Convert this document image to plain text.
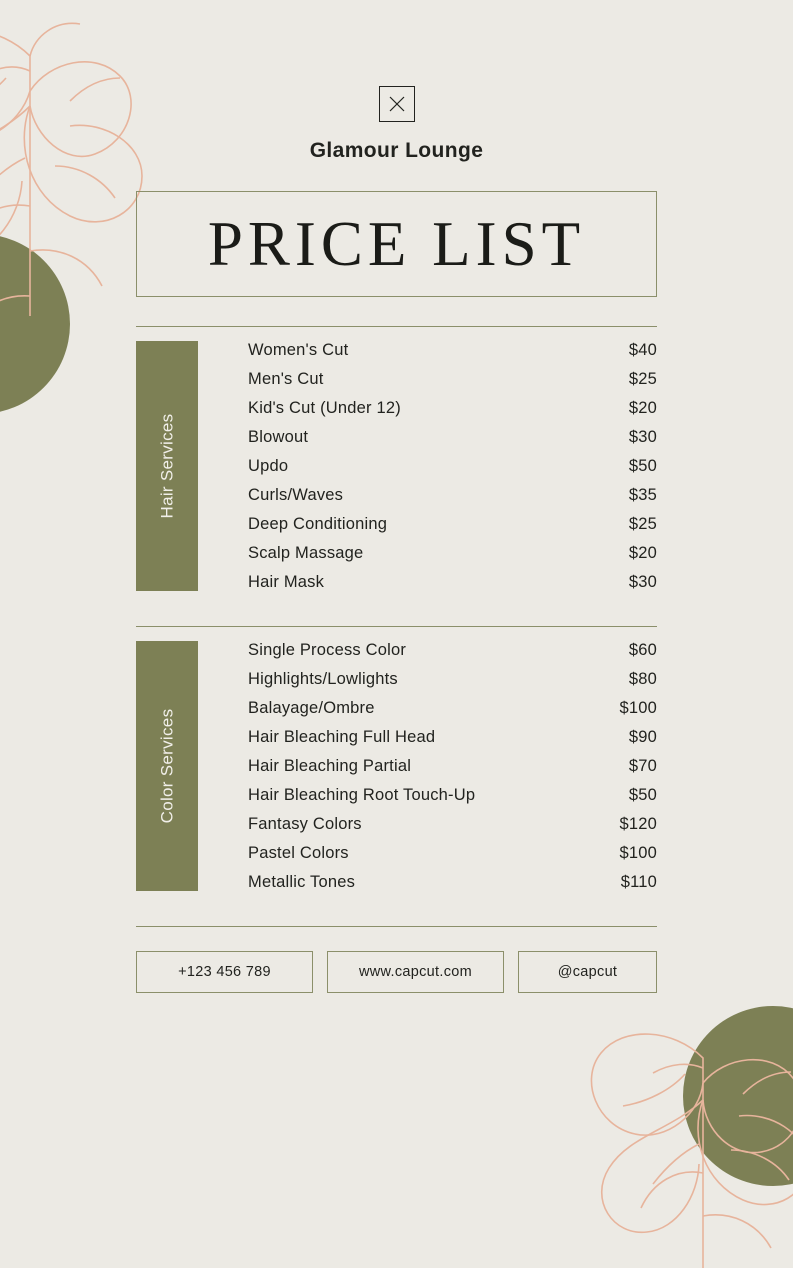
Glamour Lounge
PRICE LIST
Hair Services
Women's Cut	$40
Men's Cut	$25
Kid's Cut (Under 12)	$20
Blowout	$30
Updo	$50
Curls/Waves	$35
Deep Conditioning	$25
Scalp Massage	$20
Hair Mask	$30
Color Services
Single Process Color	$60
Highlights/Lowlights	$80
Balayage/Ombre	$100
Hair Bleaching Full Head	$90
Hair Bleaching Partial	$70
Hair Bleaching Root Touch-Up	$50
Fantasy Colors	$120
Pastel Colors	$100
Metallic Tones	$110
+123 456 789	www.capcut.com	@capcut
